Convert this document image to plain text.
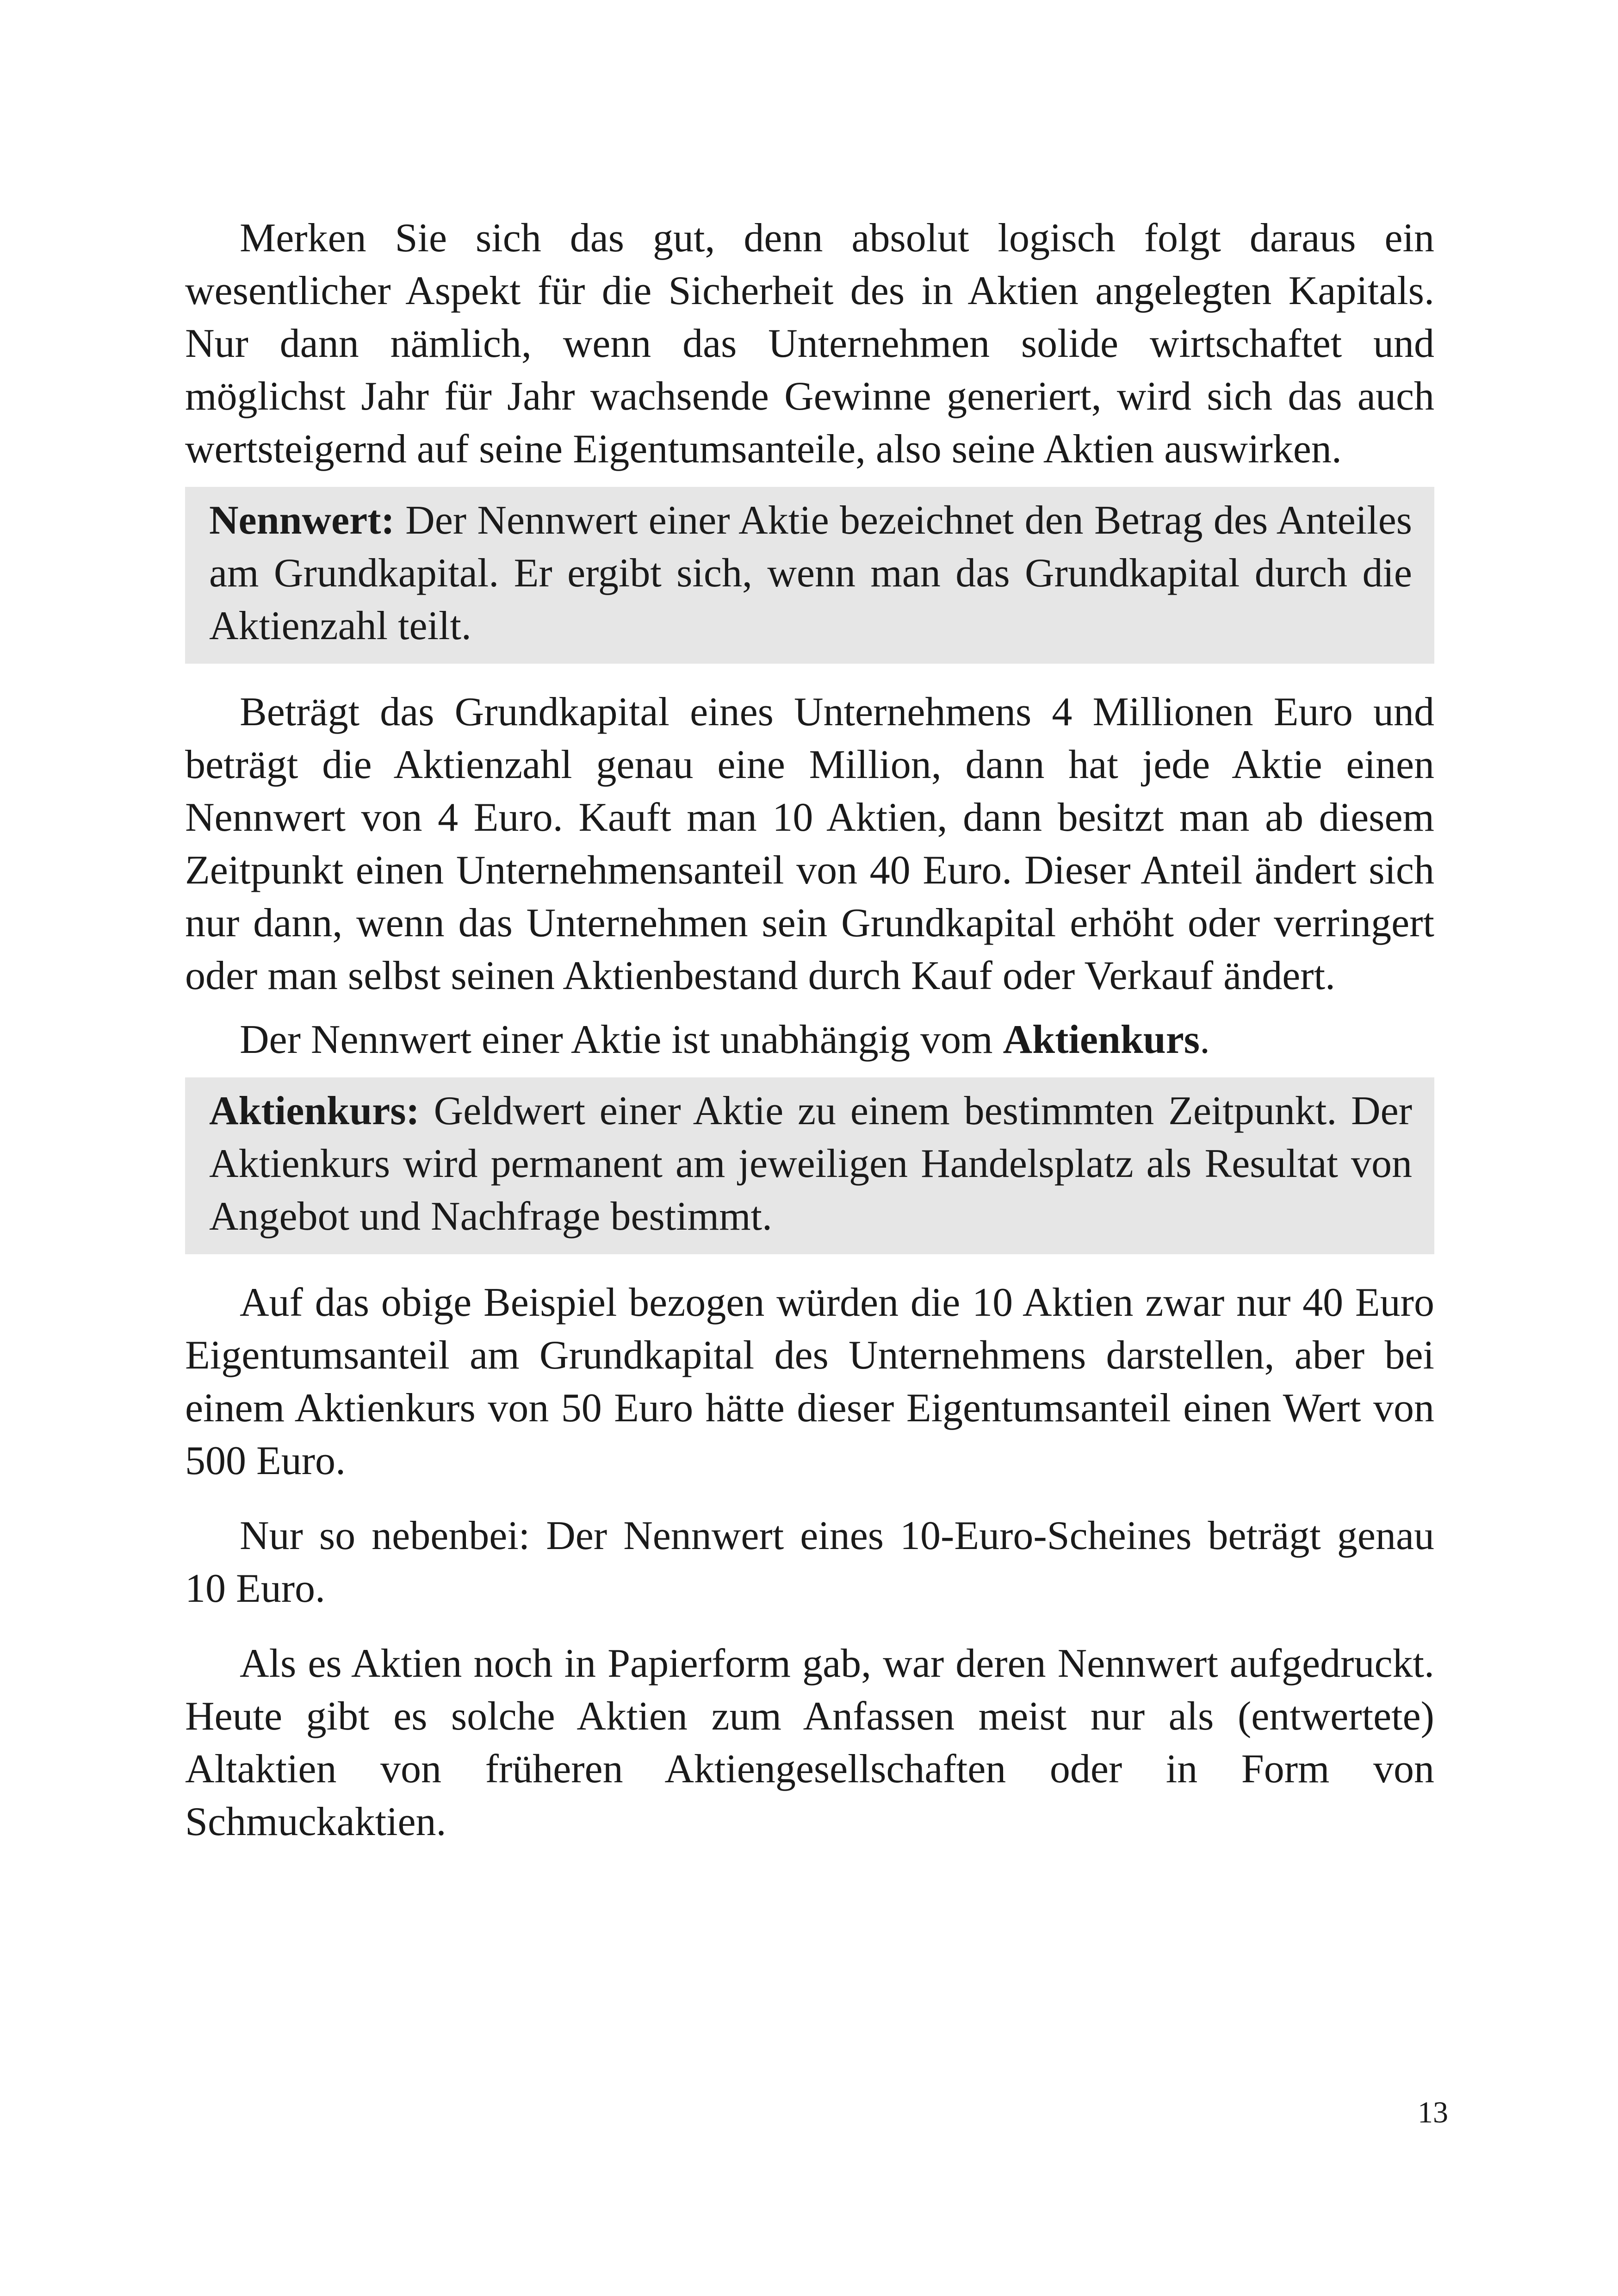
Merken Sie sich das gut, denn absolut logisch folgt daraus ein wesentlicher Aspekt für die Sicherheit des in Aktien angelegten Kapitals. Nur dann nämlich, wenn das Unternehmen solide wirtschaftet und möglichst Jahr für Jahr wachsende Gewinne generiert, wird sich das auch wertsteigernd auf seine Eigentumsanteile, also seine Aktien auswirken.

Nennwert: Der Nennwert einer Aktie bezeichnet den Betrag des Anteiles am Grundkapital. Er ergibt sich, wenn man das Grundkapital durch die Aktienzahl teilt.

Beträgt das Grundkapital eines Unternehmens 4 Millionen Euro und beträgt die Aktienzahl genau eine Million, dann hat jede Aktie einen Nennwert von 4 Euro. Kauft man 10 Aktien, dann besitzt man ab diesem Zeitpunkt einen Unternehmensanteil von 40 Euro. Dieser Anteil ändert sich nur dann, wenn das Unternehmen sein Grundkapital erhöht oder verringert oder man selbst seinen Aktienbestand durch Kauf oder Verkauf ändert.

Der Nennwert einer Aktie ist unabhängig vom Aktienkurs.

Aktienkurs: Geldwert einer Aktie zu einem bestimmten Zeitpunkt. Der Aktienkurs wird permanent am jeweiligen Handelsplatz als Resultat von Angebot und Nachfrage bestimmt.

Auf das obige Beispiel bezogen würden die 10 Aktien zwar nur 40 Euro Eigentumsanteil am Grundkapital des Unternehmens darstellen, aber bei einem Aktienkurs von 50 Euro hätte dieser Eigentumsanteil einen Wert von 500 Euro.

Nur so nebenbei: Der Nennwert eines 10-Euro-Scheines beträgt genau 10 Euro.

Als es Aktien noch in Papierform gab, war deren Nennwert aufgedruckt. Heute gibt es solche Aktien zum Anfassen meist nur als (entwertete) Altaktien von früheren Aktiengesellschaften oder in Form von Schmuckaktien.

13
